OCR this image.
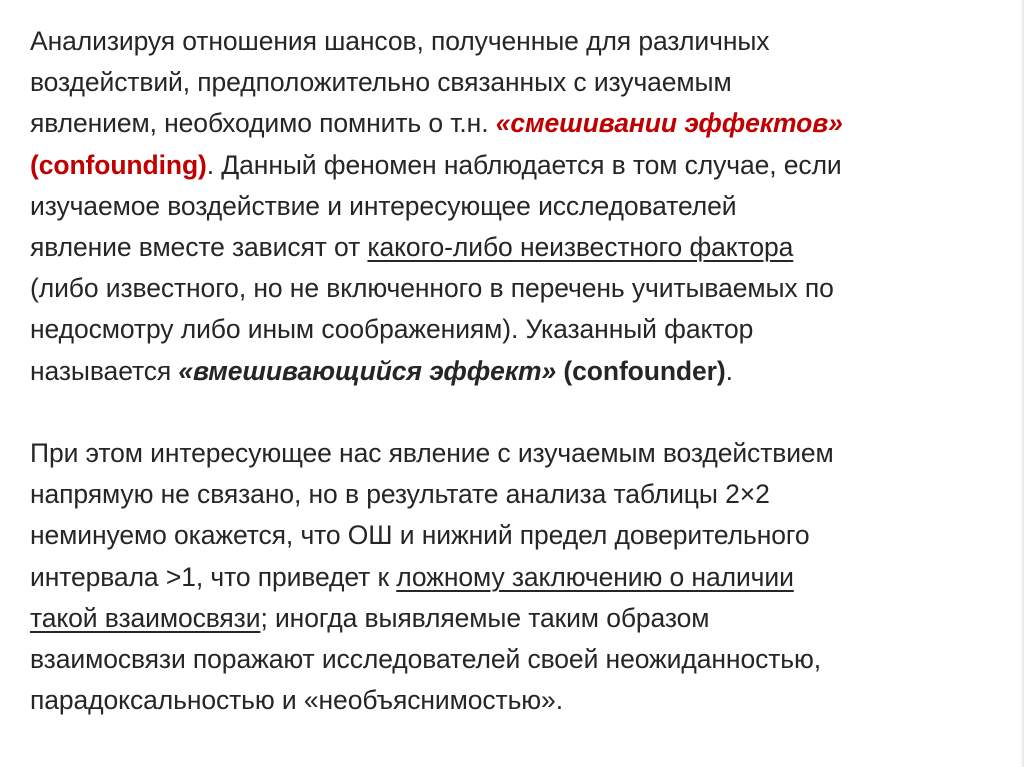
Анализируя отношения шансов, полученные для различных
воздействий, предположительно связанных с изучаемым
явлением, необходимо помнить о т.н. «смешивании эффектов»
(confounding). Данный феномен наблюдается в том случае, если
изучаемое воздействие и интересующее исследователей
явление вместе зависят от какого-либо неизвестного фактора
(либо известного, но не включенного в перечень учитываемых по
недосмотру либо иным соображениям). Указанный фактор
называется «вмешивающийся эффект» (confounder).
При этом интересующее нас явление с изучаемым воздействием
напрямую не связано, но в результате анализа таблицы 2×2
неминуемо окажется, что ОШ и нижний предел доверительного
интервала >1, что приведет к ложному заключению о наличии
такой взаимосвязи; иногда выявляемые таким образом
взаимосвязи поражают исследователей своей неожиданностью,
парадоксальностью и «необъяснимостью».
